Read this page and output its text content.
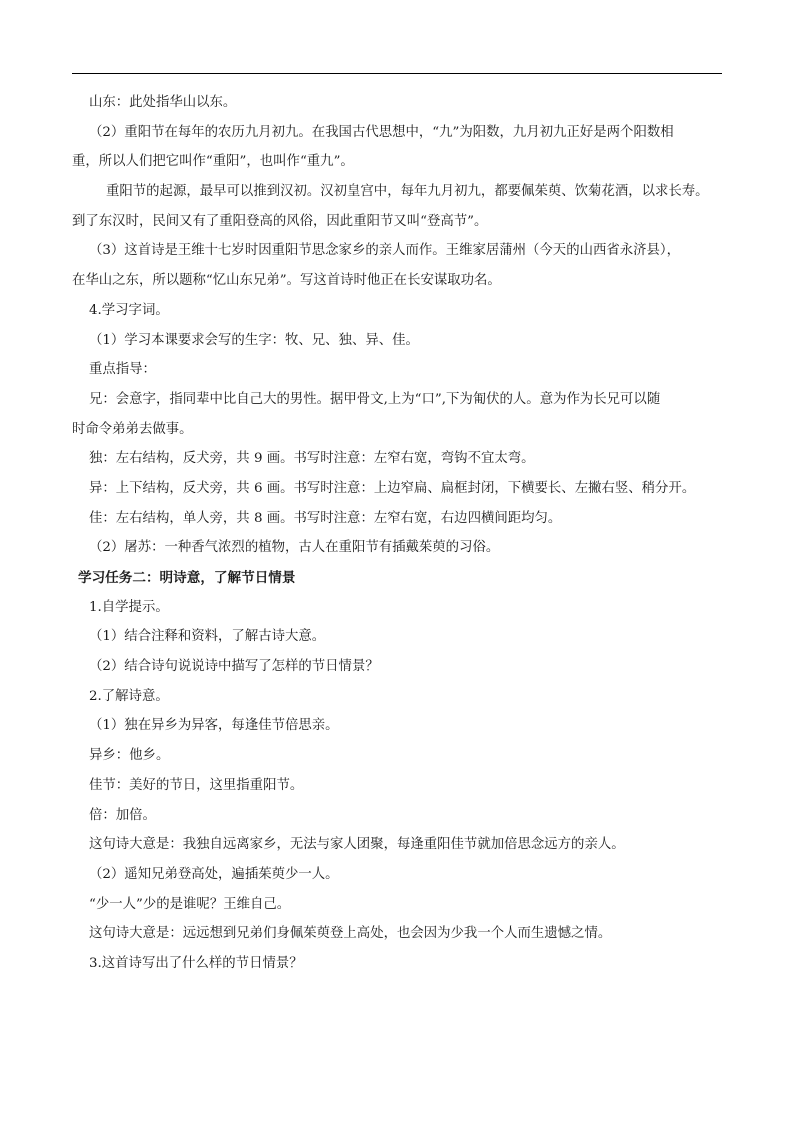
山东：此处指华山以东。

（2）重阳节在每年的农历九月初九。在我国古代思想中，“九”为阳数，九月初九正好是两个阳数相

重，所以人们把它叫作“重阳”，也叫作“重九”。

重阳节的起源，最早可以推到汉初。汉初皇宫中，每年九月初九，都要佩茱萸、饮菊花酒，以求长寿。

到了东汉时，民间又有了重阳登高的风俗，因此重阳节又叫“登高节”。

（3）这首诗是王维十七岁时因重阳节思念家乡的亲人而作。王维家居蒲州（今天的山西省永济县），

在华山之东，所以题称“忆山东兄弟”。写这首诗时他正在长安谋取功名。

4.学习字词。

（1）学习本课要求会写的生字：牧、兄、独、异、佳。

重点指导：

兄：会意字，指同辈中比自己大的男性。据甲骨文,上为“口”,下为匍伏的人。意为作为长兄可以随

时命令弟弟去做事。

独：左右结构，反犬旁，共 9 画。书写时注意：左窄右宽，弯钩不宜太弯。

异：上下结构，反犬旁，共 6 画。书写时注意：上边窄扁、扁框封闭，下横要长、左撇右竖、稍分开。

佳：左右结构，单人旁，共 8 画。书写时注意：左窄右宽，右边四横间距均匀。

（2）屠苏：一种香气浓烈的植物，古人在重阳节有插戴茱萸的习俗。

学习任务二：明诗意，了解节日情景

1.自学提示。

（1）结合注释和资料，了解古诗大意。

（2）结合诗句说说诗中描写了怎样的节日情景？

2.了解诗意。

（1）独在异乡为异客，每逢佳节倍思亲。

异乡：他乡。

佳节：美好的节日，这里指重阳节。

倍：加倍。

这句诗大意是：我独自远离家乡，无法与家人团聚，每逢重阳佳节就加倍思念远方的亲人。

（2）遥知兄弟登高处，遍插茱萸少一人。

“少一人”少的是谁呢？王维自己。

这句诗大意是：远远想到兄弟们身佩茱萸登上高处，也会因为少我一个人而生遗憾之情。

3.这首诗写出了什么样的节日情景？
